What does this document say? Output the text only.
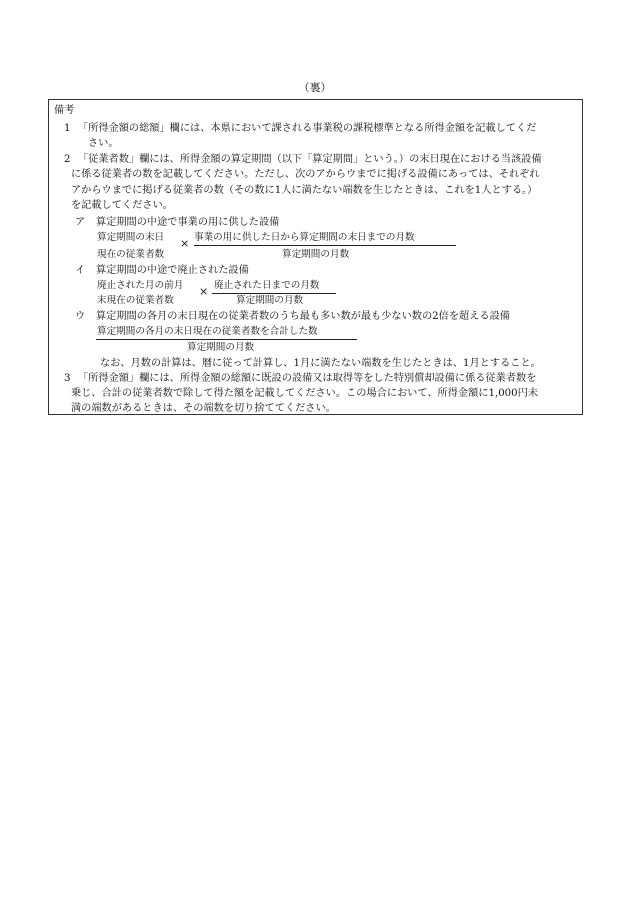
（裏）
備考
1 「所得金額の総額」欄には、本県において課される事業税の課税標準となる所得金額を記載してくだ
さい。
2 「従業者数」欄には、所得金額の算定期間（以下「算定期間」という。）の末日現在における当該設備
に係る従業者の数を記載してください。ただし、次のアからウまでに掲げる設備にあっては、それぞれ
アからウまでに掲げる従業者の数（その数に1人に満たない端数を生じたときは、これを1人とする。）
を記載してください。
ア 算定期間の中途で事業の用に供した設備
算定期間の末日
現在の従業者数
× 事業の用に供した日から算定期間の末日までの月数
算定期間の月数
イ 算定期間の中途で廃止された設備
廃止された月の前月
末現在の従業者数
× 廃止された日までの月数
算定期間の月数
ウ 算定期間の各月の末日現在の従業者数のうち最も多い数が最も少ない数の2倍を超える設備
算定期間の各月の末日現在の従業者数を合計した数
算定期間の月数
なお、月数の計算は、暦に従って計算し、1月に満たない端数を生じたときは、1月とすること。
3 「所得金額」欄には、所得金額の総額に既設の設備又は取得等をした特別償却設備に係る従業者数を
乗じ、合計の従業者数で除して得た額を記載してください。この場合において、所得金額に1,000円未
満の端数があるときは、その端数を切り捨ててください。
